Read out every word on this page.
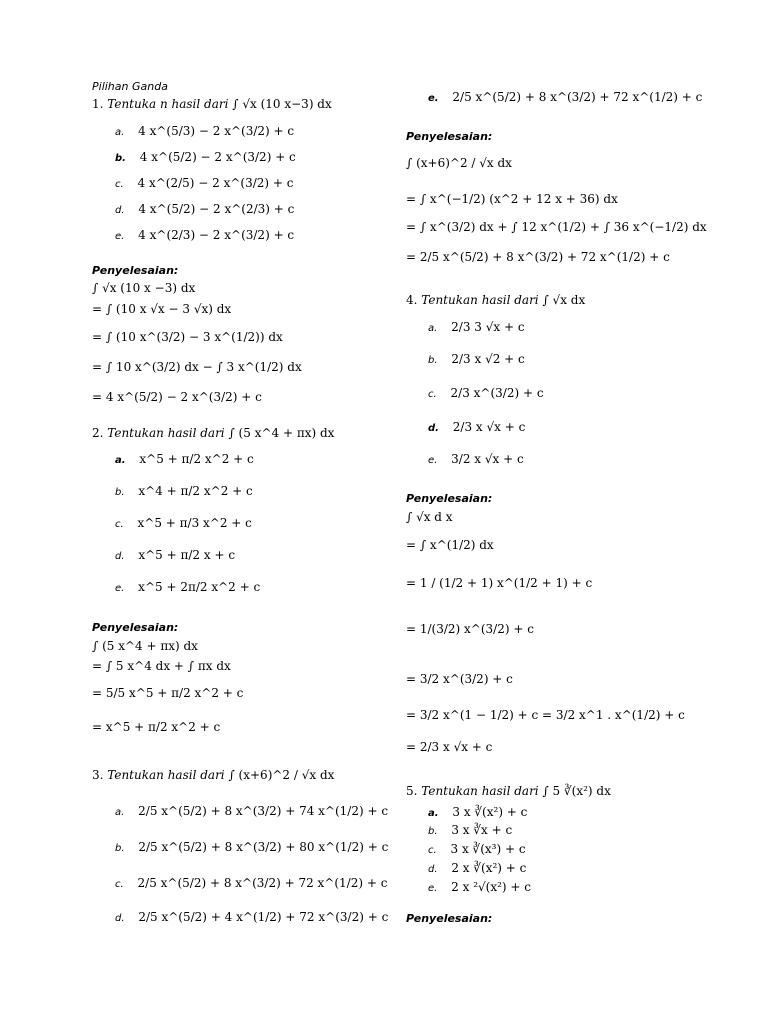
Pilihan Ganda
1. Tentuka n hasil dari ∫ √x (10 x−3) dx
a. 4 x^(5/3) − 2 x^(3/2) + c
b. 4 x^(5/2) − 2 x^(3/2) + c
c. 4 x^(2/5) − 2 x^(3/2) + c
d. 4 x^(5/2) − 2 x^(2/3) + c
e. 4 x^(2/3) − 2 x^(3/2) + c
Penyelesaian:
∫ √x (10 x −3) dx
= ∫ (10 x √x − 3 √x) dx
= ∫ (10 x^(3/2) − 3 x^(1/2)) dx
= ∫ 10 x^(3/2) dx − ∫ 3 x^(1/2) dx
= 4 x^(5/2) − 2 x^(3/2) + c
2. Tentukan hasil dari ∫ (5 x^4 + πx) dx
a. x^5 + π/2 x^2 + c
b. x^4 + π/2 x^2 + c
c. x^5 + π/3 x^2 + c
d. x^5 + π/2 x + c
e. x^5 + 2π/2 x^2 + c
Penyelesaian:
∫ (5 x^4 + πx) dx
= ∫ 5 x^4 dx + ∫ πx dx
= 5/5 x^5 + π/2 x^2 + c
= x^5 + π/2 x^2 + c
3. Tentukan hasil dari ∫ (x+6)^2 / √x dx
a. 2/5 x^(5/2) + 8 x^(3/2) + 74 x^(1/2) + c
b. 2/5 x^(5/2) + 8 x^(3/2) + 80 x^(1/2) + c
c. 2/5 x^(5/2) + 8 x^(3/2) + 72 x^(1/2) + c
d. 2/5 x^(5/2) + 4 x^(1/2) + 72 x^(3/2) + c
e. 2/5 x^(5/2) + 8 x^(3/2) + 72 x^(1/2) + c
Penyelesaian:
∫ (x+6)^2 / √x dx
= ∫ x^(−1/2) (x^2 + 12 x + 36) dx
= ∫ x^(3/2) dx + ∫ 12 x^(1/2) + ∫ 36 x^(−1/2) dx
= 2/5 x^(5/2) + 8 x^(3/2) + 72 x^(1/2) + c
4. Tentukan hasil dari ∫ √x dx
a. 2/3 3 √x + c
b. 2/3 x √2 + c
c. 2/3 x^(3/2) + c
d. 2/3 x √x + c
e. 3/2 x √x + c
Penyelesaian:
∫ √x d x
= ∫ x^(1/2) dx
= 1 / (1/2 + 1) x^(1/2 + 1) + c
= 1/(3/2) x^(3/2) + c
= 3/2 x^(3/2) + c
= 3/2 x^(1 − 1/2) + c = 3/2 x^1 . x^(1/2) + c
= 2/3 x √x + c
5. Tentukan hasil dari ∫ 5 ∛(x²) dx
a. 3 x ∛(x²) + c
b. 3 x ∛x + c
c. 3 x ∛(x³) + c
d. 2 x ∛(x²) + c
e. 2 x ²√(x²) + c
Penyelesaian:
